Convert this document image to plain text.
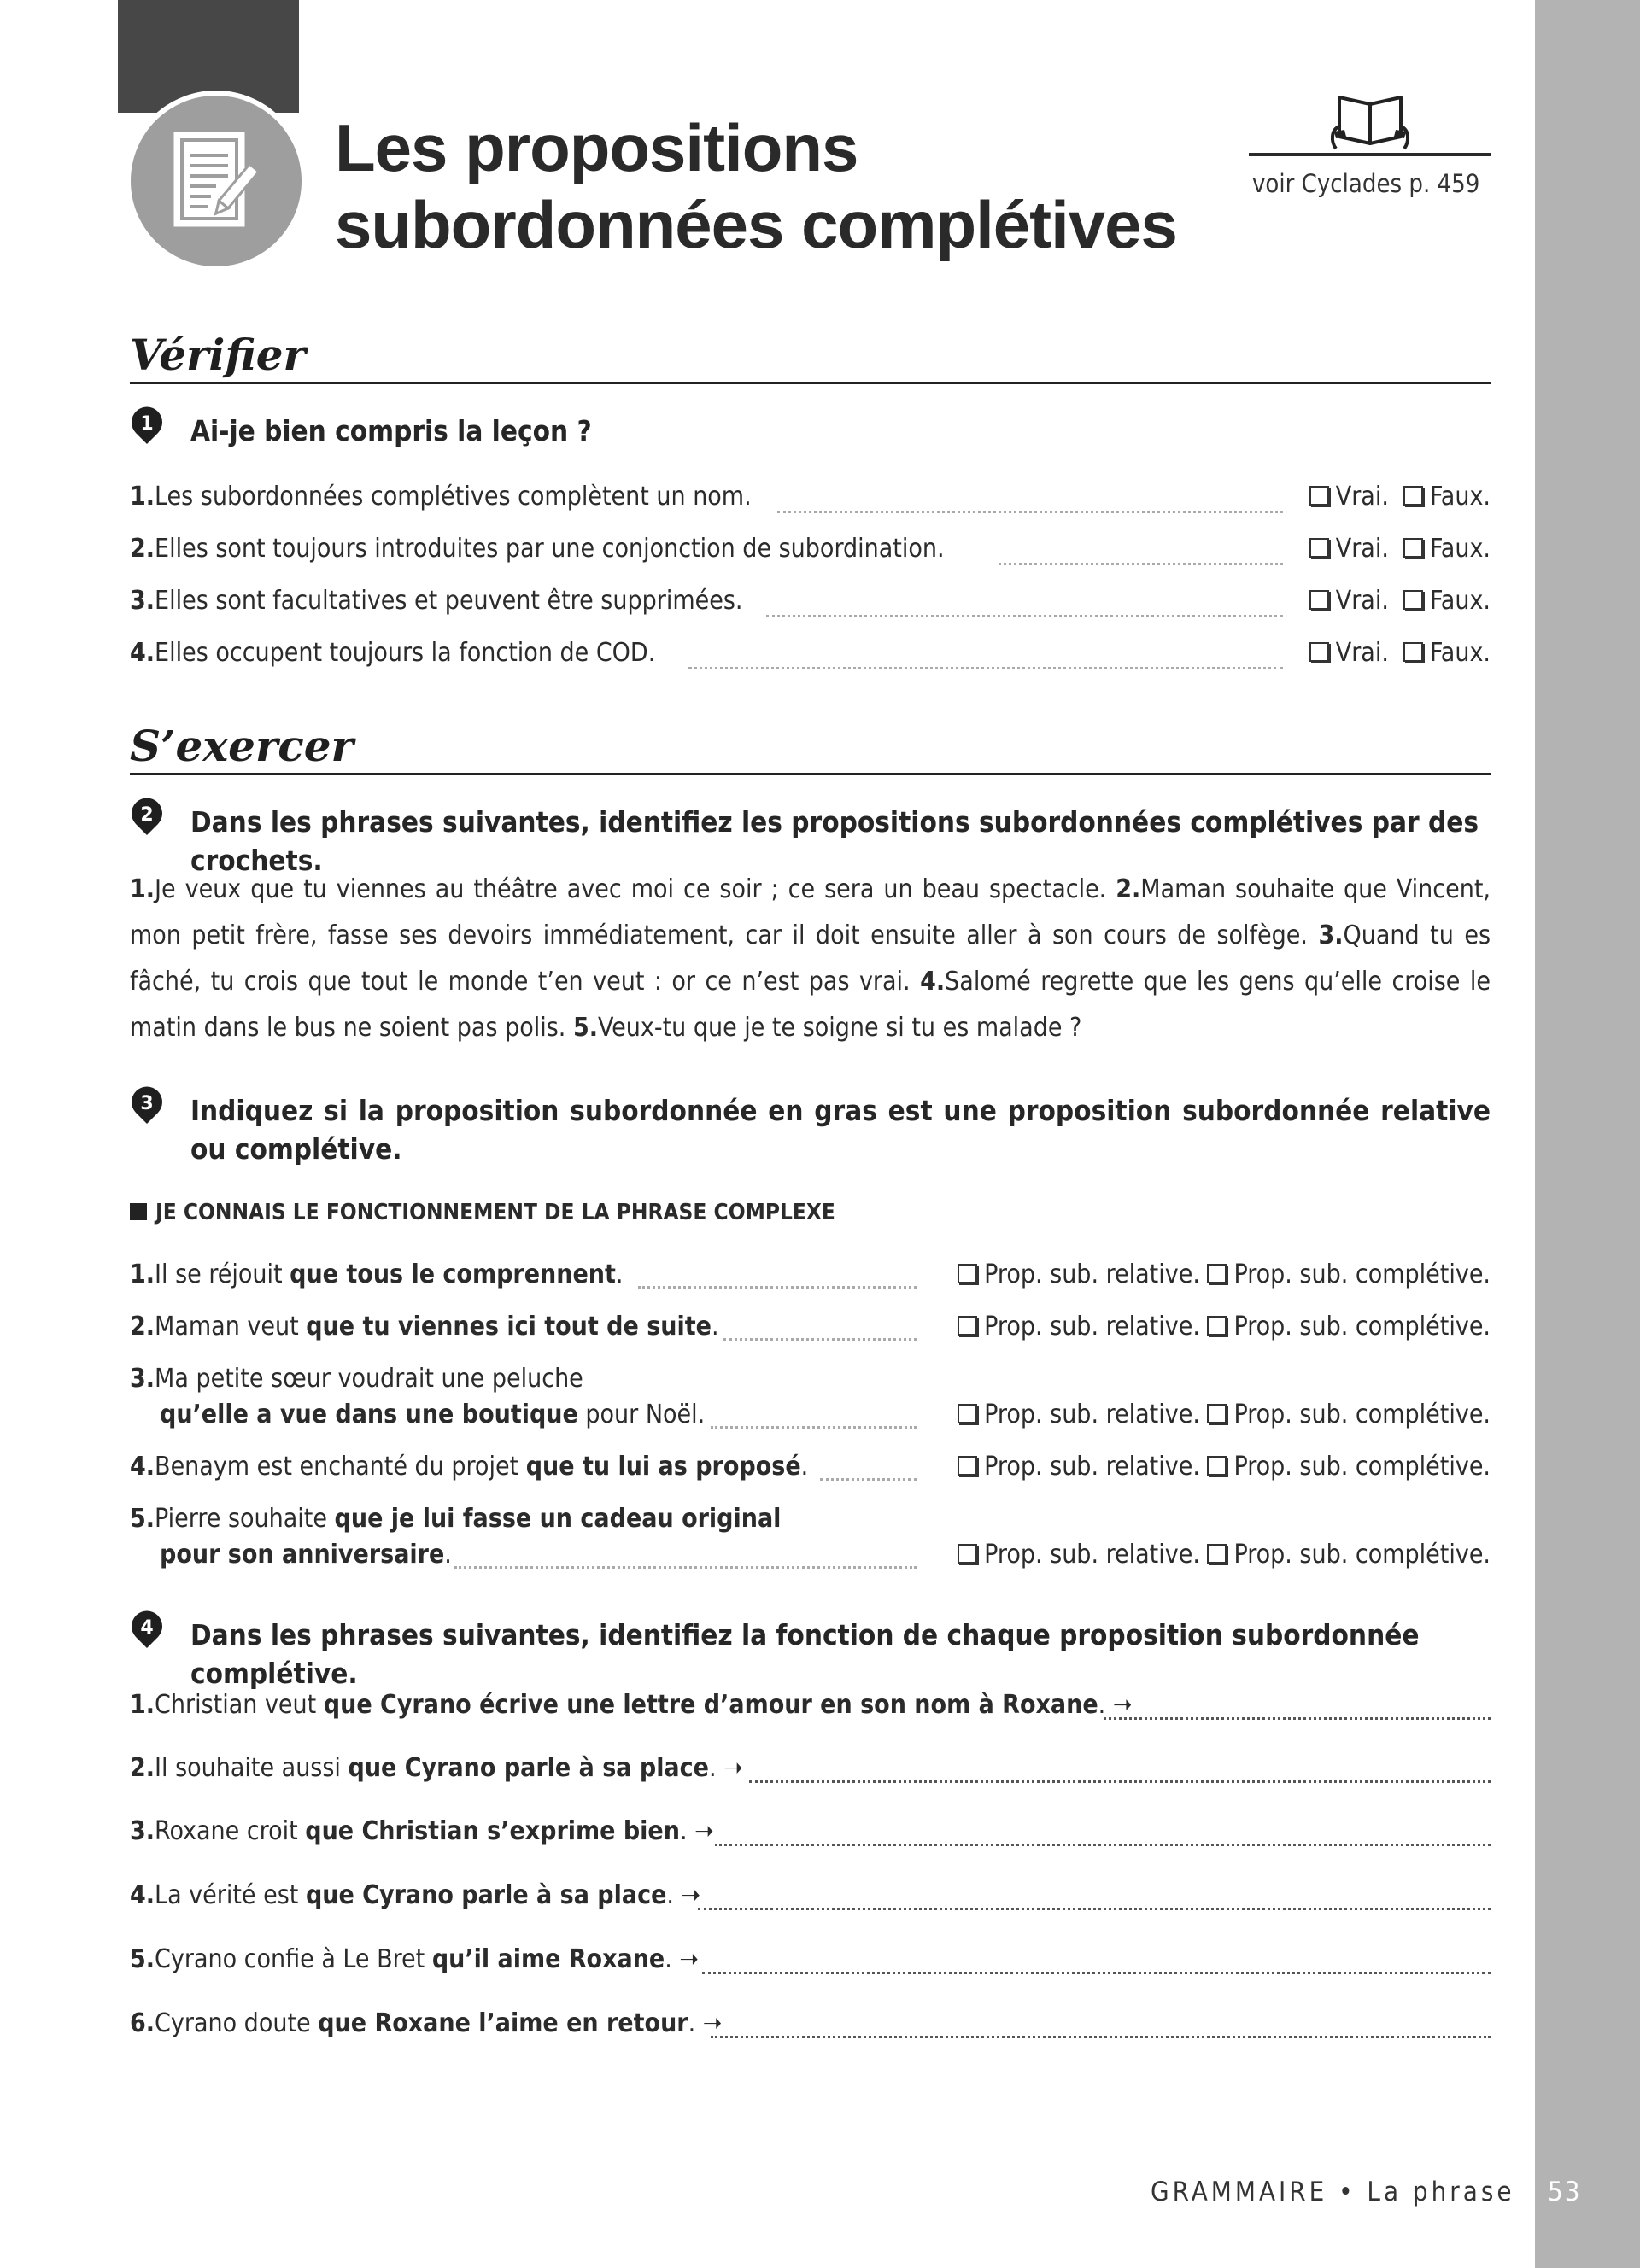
Les propositions
subordonnées complétives
voir Cyclades p. 459
Vérifier
1 Ai-je bien compris la leçon ?
1.Les subordonnées complétives complètent un nom.	Vrai. Faux.
2.Elles sont toujours introduites par une conjonction de subordination.	Vrai. Faux.
3.Elles sont facultatives et peuvent être supprimées.	Vrai. Faux.
4.Elles occupent toujours la fonction de COD.	Vrai. Faux.
S’exercer
2 Dans les phrases suivantes, identifiez les propositions subordonnées complétives par des crochets.
1.Je veux que tu viennes au théâtre avec moi ce soir ; ce sera un beau spectacle. 2.Maman souhaite que Vincent, mon petit frère, fasse ses devoirs immédiatement, car il doit ensuite aller à son cours de solfège. 3.Quand tu es fâché, tu crois que tout le monde t’en veut : or ce n’est pas vrai. 4.Salomé regrette que les gens qu’elle croise le matin dans le bus ne soient pas polis. 5.Veux-tu que je te soigne si tu es malade ?
3 Indiquez si la proposition subordonnée en gras est une proposition subordonnée relative ou complétive.
JE CONNAIS LE FONCTIONNEMENT DE LA PHRASE COMPLEXE
1.Il se réjouit que tous le comprennent.	Prop. sub. relative. Prop. sub. complétive.
2.Maman veut que tu viennes ici tout de suite.	Prop. sub. relative. Prop. sub. complétive.
3.Ma petite sœur voudrait une peluche
qu’elle a vue dans une boutique pour Noël.	Prop. sub. relative. Prop. sub. complétive.
4.Benaym est enchanté du projet que tu lui as proposé.	Prop. sub. relative. Prop. sub. complétive.
5.Pierre souhaite que je lui fasse un cadeau original
pour son anniversaire.	Prop. sub. relative. Prop. sub. complétive.
4 Dans les phrases suivantes, identifiez la fonction de chaque proposition subordonnée complétive.
1.Christian veut que Cyrano écrive une lettre d’amour en son nom à Roxane. ➝
2.Il souhaite aussi que Cyrano parle à sa place. ➝
3.Roxane croit que Christian s’exprime bien. ➝
4.La vérité est que Cyrano parle à sa place. ➝
5.Cyrano confie à Le Bret qu’il aime Roxane. ➝
6.Cyrano doute que Roxane l’aime en retour. ➝
GRAMMAIRE • La phrase 53
